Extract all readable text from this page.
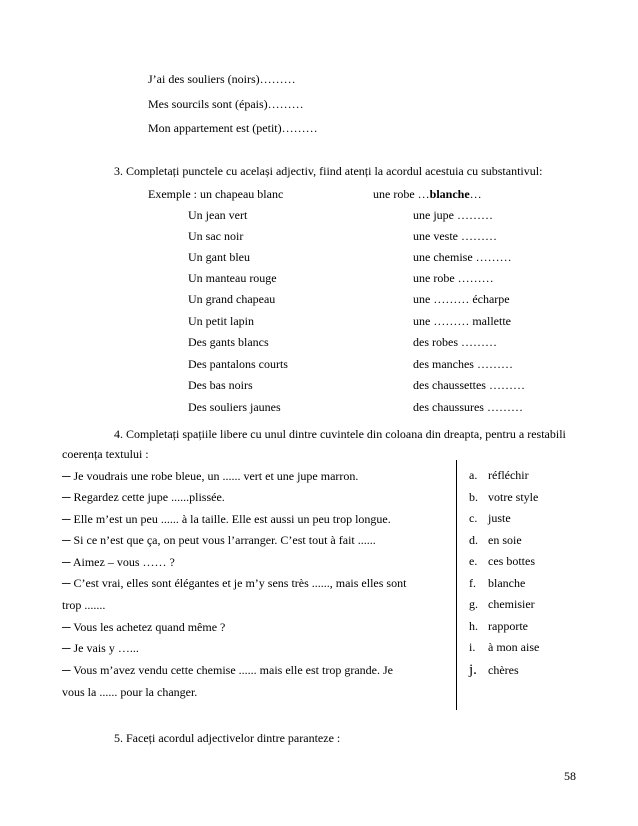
J’ai des souliers (noirs)………
Mes sourcils sont (épais)………
Mon appartement est (petit)………
3. Completați punctele cu același adjectiv, fiind atenți la acordul acestuia cu substantivul:
Exemple : un chapeau blanc	une robe …blanche…
Un jean vert	une jupe ………
Un sac noir	une veste ………
Un gant bleu	une chemise ………
Un manteau rouge	une robe ………
Un grand chapeau	une ……… écharpe
Un petit lapin	une ……… mallette
Des gants blancs	des robes ………
Des pantalons courts	des manches ………
Des bas noirs	des chaussettes ………
Des souliers jaunes	des chaussures ………
4. Completați spațiile libere cu unul dintre cuvintele din coloana din dreapta, pentru a restabili
coerența textului :
─ Je voudrais une robe bleue, un ...... vert et une jupe marron.
─ Regardez cette jupe ......plissée.
─ Elle m’est un peu ...... à la taille. Elle est aussi un peu trop longue.
─ Si ce n’est que ça, on peut vous l’arranger. C’est tout à fait ......
─ Aimez – vous …… ?
─ C’est vrai, elles sont élégantes et je m’y sens très ......, mais elles sont
trop .......
─ Vous les achetez quand même ?
─ Je vais y …...
─ Vous m’avez vendu cette chemise ...... mais elle est trop grande. Je
vous la ...... pour la changer.
a. réfléchir
b. votre style
c. juste
d. en soie
e. ces bottes
f. blanche
g. chemisier
h. rapporte
i. à mon aise
j. chères
5. Faceți acordul adjectivelor dintre paranteze :
58
